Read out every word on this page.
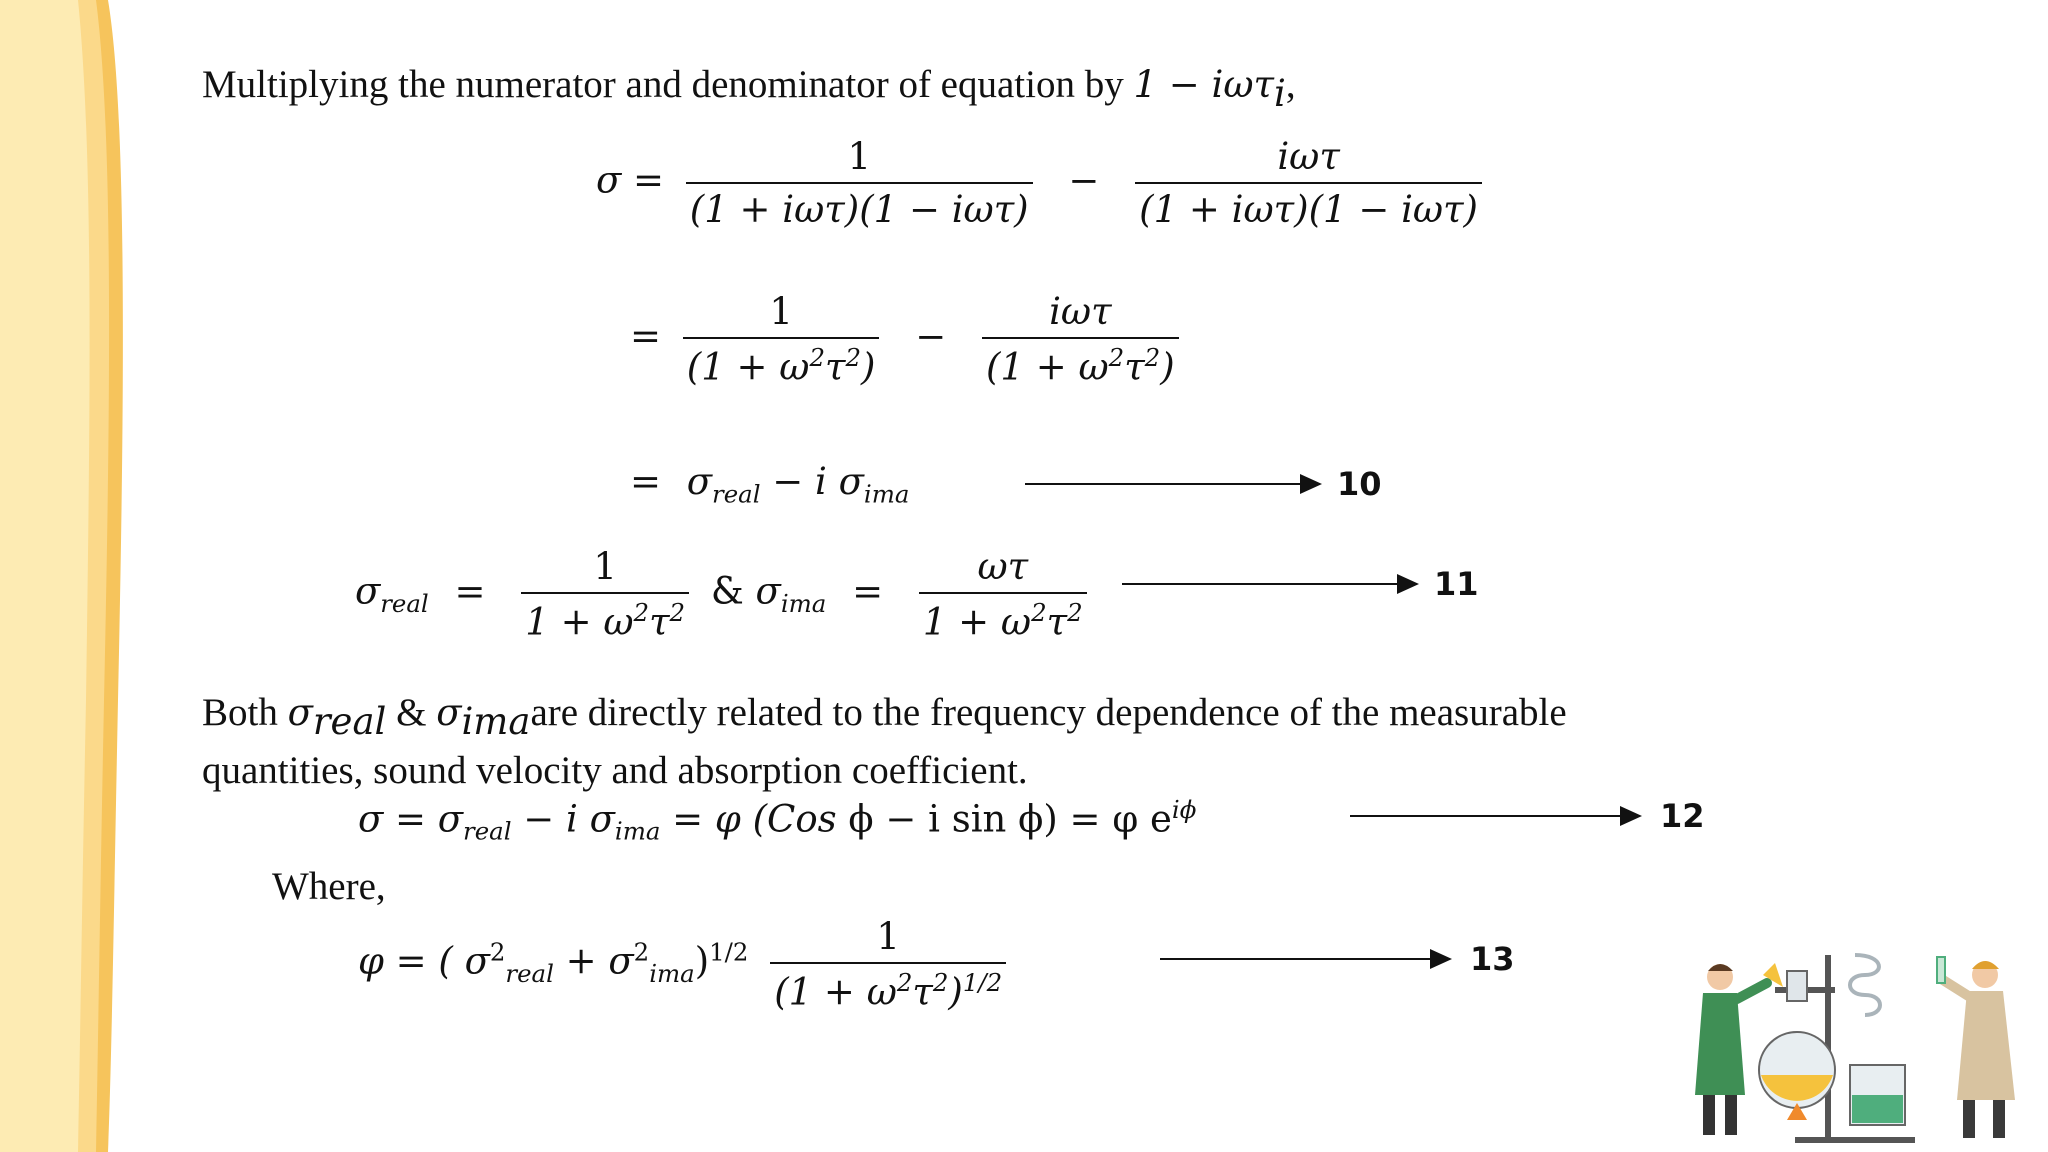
Multiplying the numerator and denominator of equation by 1 − iωτ$_i$,
$\sigma = \frac{1}{\text{(1 + iωτ)(1 − iωτ)}} - \frac{\text{iωτ}}{\text{(1 + iωτ)(1 − iωτ)}}$
= $\frac{1}{(1 + \omega^2\tau^2)} - \frac{\text{iωτ}}{(1 + \omega^2\tau^2)}$
= $\sigma_{real} - i$ $\sigma_{ima}$	10
$\sigma_{real} = \frac{1}{1 + \omega^2\tau^2}$ & $\sigma_{ima} = \frac{\omega\tau}{1 + \omega^2\tau^2}$	11
Both $\sigma_{real}$ & $\sigma_{ima}are$ directly related to the frequency dependence of the measurable
quantities, sound velocity and absorption coefficient.
$\sigma = \sigma_{real} - i$ $\sigma_{ima} = \varphi$ (Cos ϕ − i sin ϕ) = φ $e^{i\phi}$	12
Where,
φ = ( $\sigma^2_{real} + \sigma^2_{ima})^{1/2} \frac{1}{(1 + \omega^2\tau^2)^{1/2}}$	13
